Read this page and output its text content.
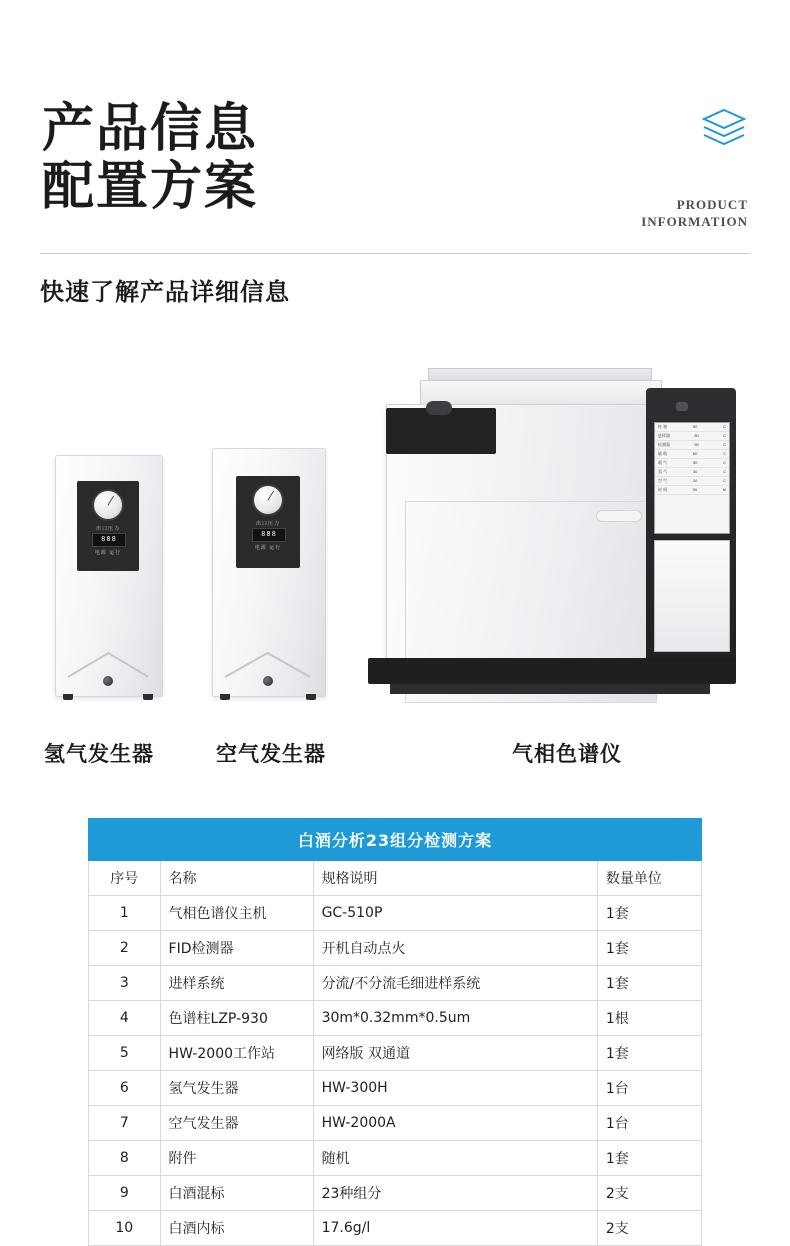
产品信息
配置方案	PRODUCT
INFORMATION
快速了解产品详细信息
出口压力
888
电源 运行
出口压力
888
电源 运行
柱 箱	50	C
进样器	80	C
检测器	90	C
辅 助	60	C
载 气	30	C
氢 气	30	C
空 气	30	C
时 间	00	M
氢气发生器	空气发生器	气相色谱仪
白酒分析23组分检测方案			
序号	名称	规格说明	数量单位
1	气相色谱仪主机	GC-510P	1套
2	FID检测器	开机自动点火	1套
3	进样系统	分流/不分流毛细进样系统	1套
4	色谱柱LZP-930	30m*0.32mm*0.5um	1根
5	HW-2000工作站	网络版 双通道	1套
6	氢气发生器	HW-300H	1台
7	空气发生器	HW-2000A	1台
8	附件	随机	1套
9	白酒混标	23种组分	2支
10	白酒内标	17.6g/l	2支
